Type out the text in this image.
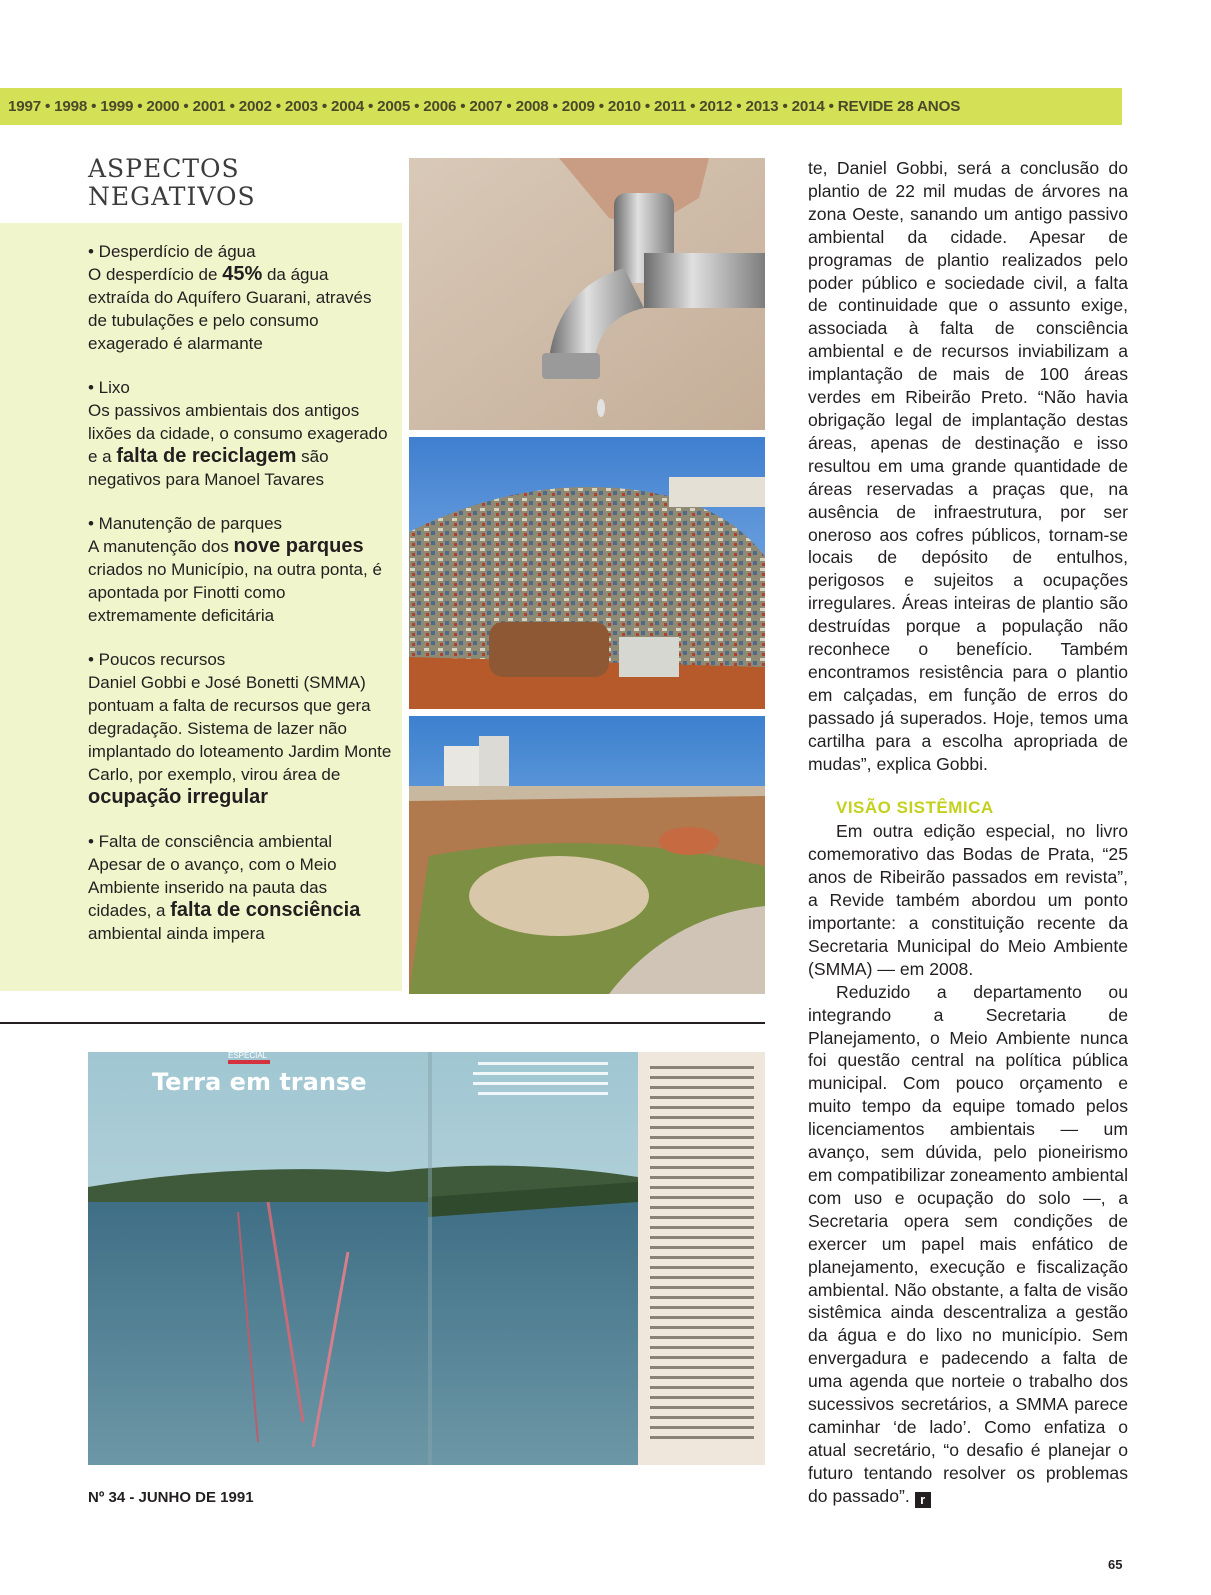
1997 • 1998 • 1999 • 2000 • 2001 • 2002 • 2003 • 2004 • 2005 • 2006 • 2007 • 2008 • 2009 • 2010 • 2011 • 2012 • 2013 • 2014 • REVIDE 28 ANOS
ASPECTOS
NEGATIVOS
• Desperdício de água
O desperdício de 45% da água extraída do Aquífero Guarani, através de tubulações e pelo consumo exagerado é alarmante
• Lixo
Os passivos ambientais dos antigos lixões da cidade, o consumo exagerado e a falta de reciclagem são negativos para Manoel Tavares
• Manutenção de parques
A manutenção dos nove parques criados no Município, na outra ponta, é apontada por Finotti como extremamente deficitária
• Poucos recursos
Daniel Gobbi e José Bonetti (SMMA) pontuam a falta de recursos que gera degradação. Sistema de lazer não implantado do loteamento Jardim Monte Carlo, por exemplo, virou área de ocupação irregular
• Falta de consciência ambiental
Apesar de o avanço, com o Meio Ambiente inserido na pauta das cidades, a falta de consciência ambiental ainda impera
ESPECIAL
Terra em transe
Nº 34 - JUNHO DE 1991

te, Daniel Gobbi, será a conclusão do plantio de 22 mil mudas de árvores na zona Oeste, sanando um antigo passivo ambiental da cidade. Apesar de programas de plantio realizados pelo poder público e sociedade civil, a falta de continuidade que o assunto exige, associada à falta de consciência ambiental e de recursos inviabilizam a implantação de mais de 100 áreas verdes em Ribeirão Preto. “Não havia obrigação legal de implantação destas áreas, apenas de destinação e isso resultou em uma grande quantidade de áreas reservadas a praças que, na ausência de infraestrutura, por ser oneroso aos cofres públicos, tornam-se locais de depósito de entulhos, perigosos e sujeitos a ocupações irregulares. Áreas inteiras de plantio são destruídas porque a população não reconhece o benefício. Também encontramos resistência para o plantio em calçadas, em função de erros do passado já superados. Hoje, temos uma cartilha para a escolha apropriada de mudas”, explica Gobbi.

VISÃO SISTÊMICA

Em outra edição especial, no livro comemorativo das Bodas de Prata, “25 anos de Ribeirão passados em revista”, a Revide também abordou um ponto importante: a constituição recente da Secretaria Municipal do Meio Ambiente (SMMA) — em 2008.

Reduzido a departamento ou integrando a Secretaria de Planejamento, o Meio Ambiente nunca foi questão central na política pública municipal. Com pouco orçamento e muito tempo da equipe tomado pelos licenciamentos ambientais — um avanço, sem dúvida, pelo pioneirismo em compatibilizar zoneamento ambiental com uso e ocupação do solo —, a Secretaria opera sem condições de exercer um papel mais enfático de planejamento, execução e fiscalização ambiental. Não obstante, a falta de visão sistêmica ainda descentraliza a gestão da água e do lixo no município. Sem envergadura e padecendo a falta de uma agenda que norteie o trabalho dos sucessivos secretários, a SMMA parece caminhar ‘de lado’. Como enfatiza o atual secretário, “o desafio é planejar o futuro tentando resolver os problemas do passado”. r

65
